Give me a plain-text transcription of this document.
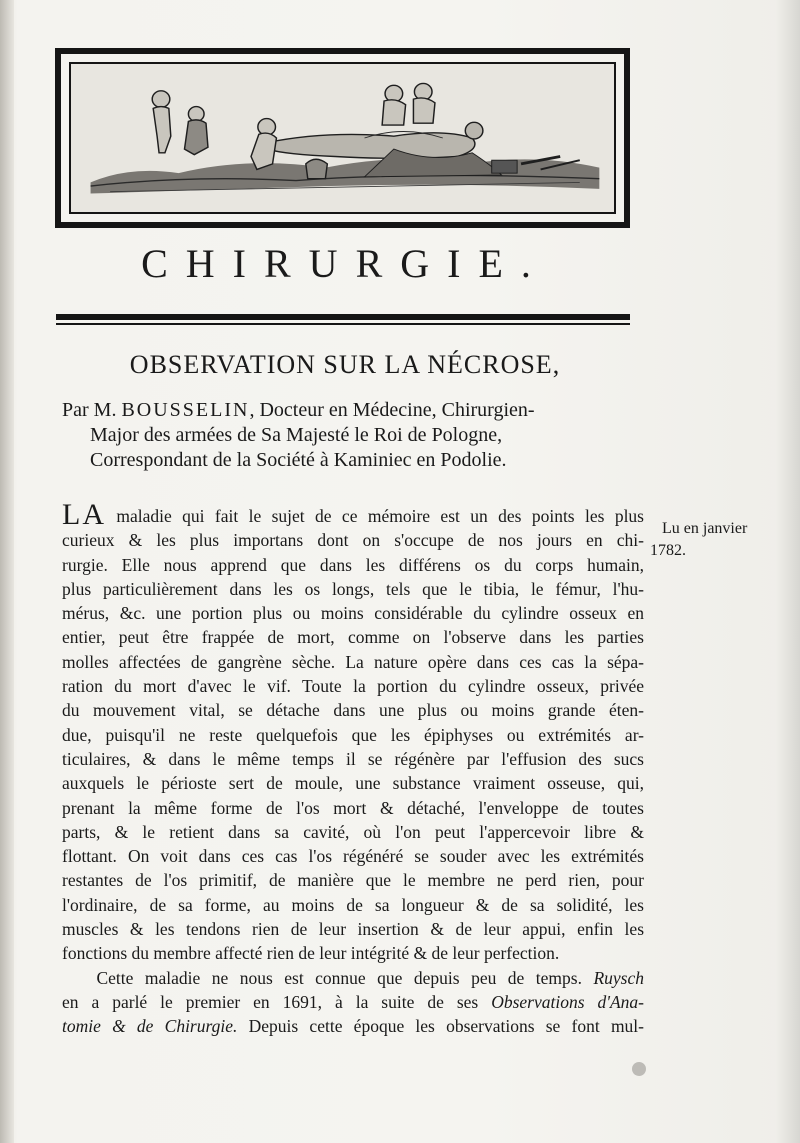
CHIRURGIE.
OBSERVATION SUR LA NÉCROSE,
Par M. BOUSSELIN, Docteur en Médecine, Chirurgien-
Major des armées de Sa Majesté le Roi de Pologne,
Correspondant de la Société à Kaminiec en Podolie.
Lu en janvier
1782.
LA maladie qui fait le sujet de ce mémoire est un des points les plus
curieux & les plus importans dont on s'occupe de nos jours en chi-
rurgie. Elle nous apprend que dans les différens os du corps humain,
plus particulièrement dans les os longs, tels que le tibia, le fémur, l'hu-
mérus, &c. une portion plus ou moins considérable du cylindre osseux en
entier, peut être frappée de mort, comme on l'observe dans les parties
molles affectées de gangrène sèche. La nature opère dans ces cas la sépa-
ration du mort d'avec le vif. Toute la portion du cylindre osseux, privée
du mouvement vital, se détache dans une plus ou moins grande éten-
due, puisqu'il ne reste quelquefois que les épiphyses ou extrémités ar-
ticulaires, & dans le même temps il se régénère par l'effusion des sucs
auxquels le périoste sert de moule, une substance vraiment osseuse, qui,
prenant la même forme de l'os mort & détaché, l'enveloppe de toutes
parts, & le retient dans sa cavité, où l'on peut l'appercevoir libre &
flottant. On voit dans ces cas l'os régénéré se souder avec les extrémités
restantes de l'os primitif, de manière que le membre ne perd rien, pour
l'ordinaire, de sa forme, au moins de sa longueur & de sa solidité, les
muscles & les tendons rien de leur insertion & de leur appui, enfin les
fonctions du membre affecté rien de leur intégrité & de leur perfection.
Cette maladie ne nous est connue que depuis peu de temps. Ruysch
en a parlé le premier en 1691, à la suite de ses Observations d'Ana-
tomie & de Chirurgie. Depuis cette époque les observations se font mul-
